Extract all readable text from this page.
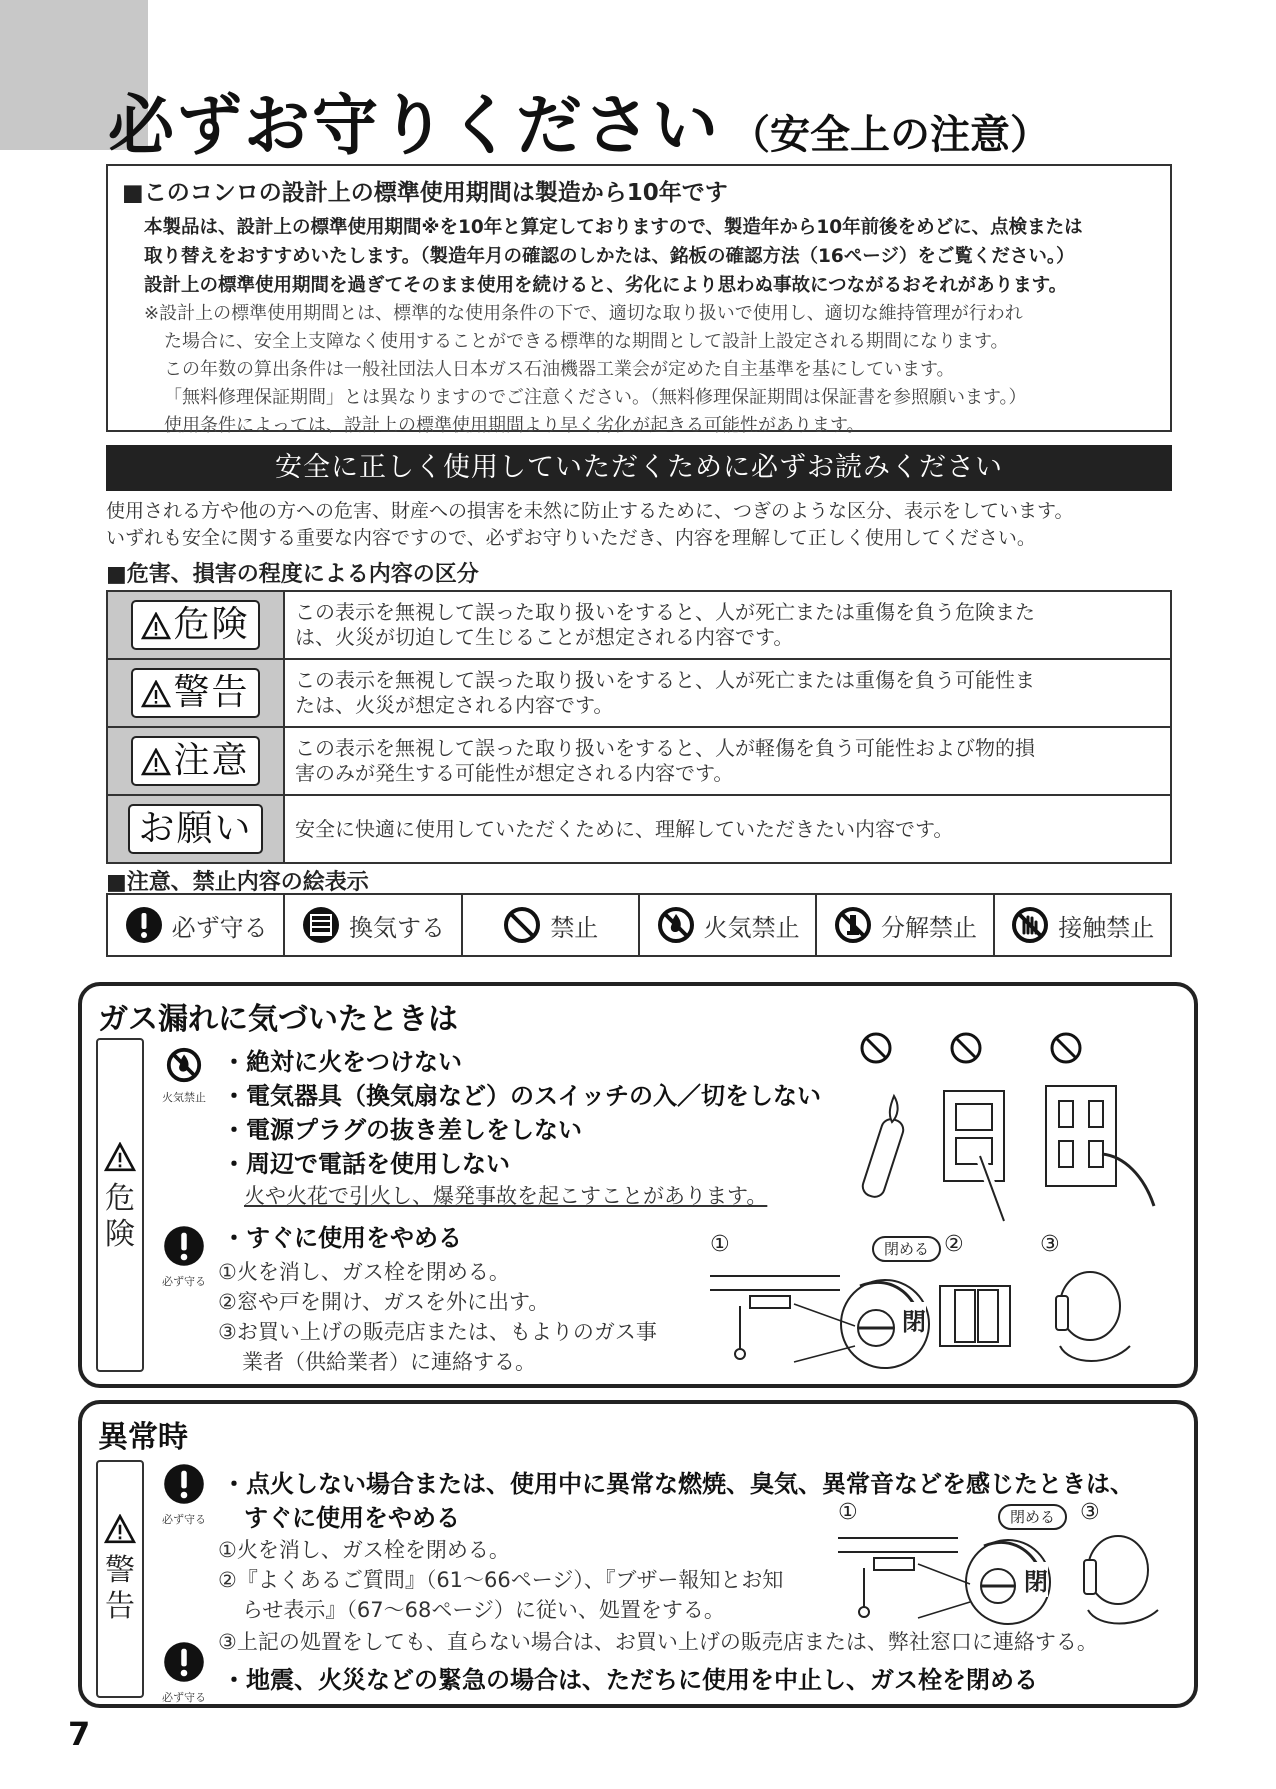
必ずお守りください （安全上の注意）
■このコンロの設計上の標準使用期間は製造から10年です
本製品は、設計上の標準使用期間※を10年と算定しておりますので、製造年から10年前後をめどに、点検または
取り替えをおすすめいたします。（製造年月の確認のしかたは、銘板の確認方法（16ページ）をご覧ください。）
設計上の標準使用期間を過ぎてそのまま使用を続けると、劣化により思わぬ事故につながるおそれがあります。
※設計上の標準使用期間とは、標準的な使用条件の下で、適切な取り扱いで使用し、適切な維持管理が行われ
た場合に、安全上支障なく使用することができる標準的な期間として設計上設定される期間になります。
この年数の算出条件は一般社団法人日本ガス石油機器工業会が定めた自主基準を基にしています。
「無料修理保証期間」とは異なりますのでご注意ください。（無料修理保証期間は保証書を参照願います。）
使用条件によっては、設計上の標準使用期間より早く劣化が起きる可能性があります。
安全に正しく使用していただくために必ずお読みください
使用される方や他の方への危害、財産への損害を未然に防止するために、つぎのような区分、表示をしています。
いずれも安全に関する重要な内容ですので、必ずお守りいただき、内容を理解して正しく使用してください。
■危害、損害の程度による内容の区分
危険	この表示を無視して誤った取り扱いをすると、人が死亡または重傷を負う危険また
は、火災が切迫して生じることが想定される内容です。

警告	この表示を無視して誤った取り扱いをすると、人が死亡または重傷を負う可能性ま
たは、火災が想定される内容です。

注意	この表示を無視して誤った取り扱いをすると、人が軽傷を負う可能性および物的損
害のみが発生する可能性が想定される内容です。

お願い	安全に快適に使用していただくために、理解していただきたい内容です。
■注意、禁止内容の絵表示
必ず守る	換気する	禁止	火気禁止	分解禁止	接触禁止
ガス漏れに気づいたときは
危険
火気禁止
・絶対に火をつけない
・電気器具（換気扇など）のスイッチの入／切をしない
・電源プラグの抜き差しをしない
・周辺で電話を使用しない
火や火花で引火し、爆発事故を起こすことがあります。
必ず守る
・すぐに使用をやめる
①火を消し、ガス栓を閉める。
②窓や戸を開け、ガスを外に出す。
③お買い上げの販売店または、もよりのガス事
業者（供給業者）に連絡する。
①	閉める ②	③
閉
異常時
警告
必ず守る
・点火しない場合または、使用中に異常な燃焼、臭気、異常音などを感じたときは、
すぐに使用をやめる
①火を消し、ガス栓を閉める。
②『よくあるご質問』（61～66ページ）、『ブザー報知とお知
らせ表示』（67～68ページ）に従い、処置をする。
③上記の処置をしても、直らない場合は、お買い上げの販売店または、弊社窓口に連絡する。
必ず守る
・地震、火災などの緊急の場合は、ただちに使用を中止し、ガス栓を閉める
①	閉める	③
閉
7
